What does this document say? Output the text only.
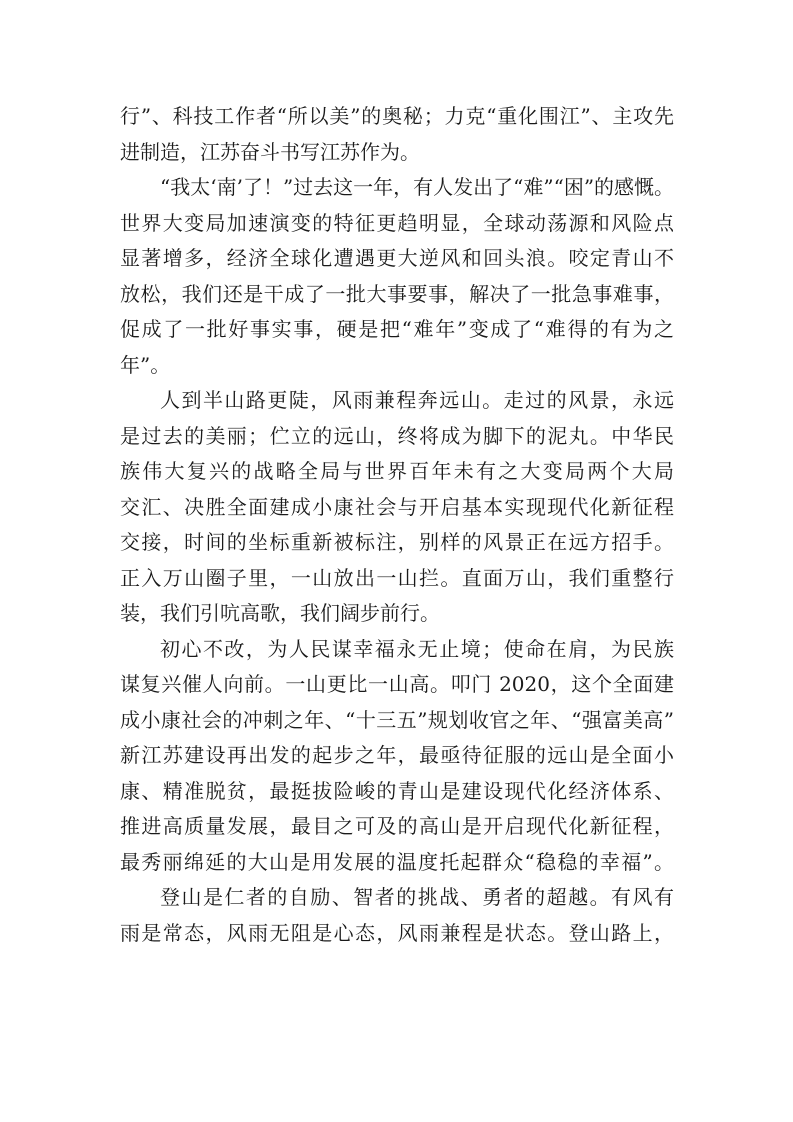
行”、科技工作者“所以美”的奥秘；力克“重化围江”、主攻先
进制造，江苏奋斗书写江苏作为。

“我太‘南’了！”过去这一年，有人发出了“难”“困”的感慨。
世界大变局加速演变的特征更趋明显，全球动荡源和风险点
显著增多，经济全球化遭遇更大逆风和回头浪。咬定青山不
放松，我们还是干成了一批大事要事，解决了一批急事难事，
促成了一批好事实事，硬是把“难年”变成了“难得的有为之
年”。

人到半山路更陡，风雨兼程奔远山。走过的风景，永远
是过去的美丽；伫立的远山，终将成为脚下的泥丸。中华民
族伟大复兴的战略全局与世界百年未有之大变局两个大局
交汇、决胜全面建成小康社会与开启基本实现现代化新征程
交接，时间的坐标重新被标注，别样的风景正在远方招手。
正入万山圈子里，一山放出一山拦。直面万山，我们重整行
装，我们引吭高歌，我们阔步前行。

初心不改，为人民谋幸福永无止境；使命在肩，为民族
谋复兴催人向前。一山更比一山高。叩门 2020，这个全面建
成小康社会的冲刺之年、“十三五”规划收官之年、“强富美高”
新江苏建设再出发的起步之年，最亟待征服的远山是全面小
康、精准脱贫，最挺拔险峻的青山是建设现代化经济体系、
推进高质量发展，最目之可及的高山是开启现代化新征程，
最秀丽绵延的大山是用发展的温度托起群众“稳稳的幸福”。

登山是仁者的自励、智者的挑战、勇者的超越。有风有
雨是常态，风雨无阻是心态，风雨兼程是状态。登山路上，
